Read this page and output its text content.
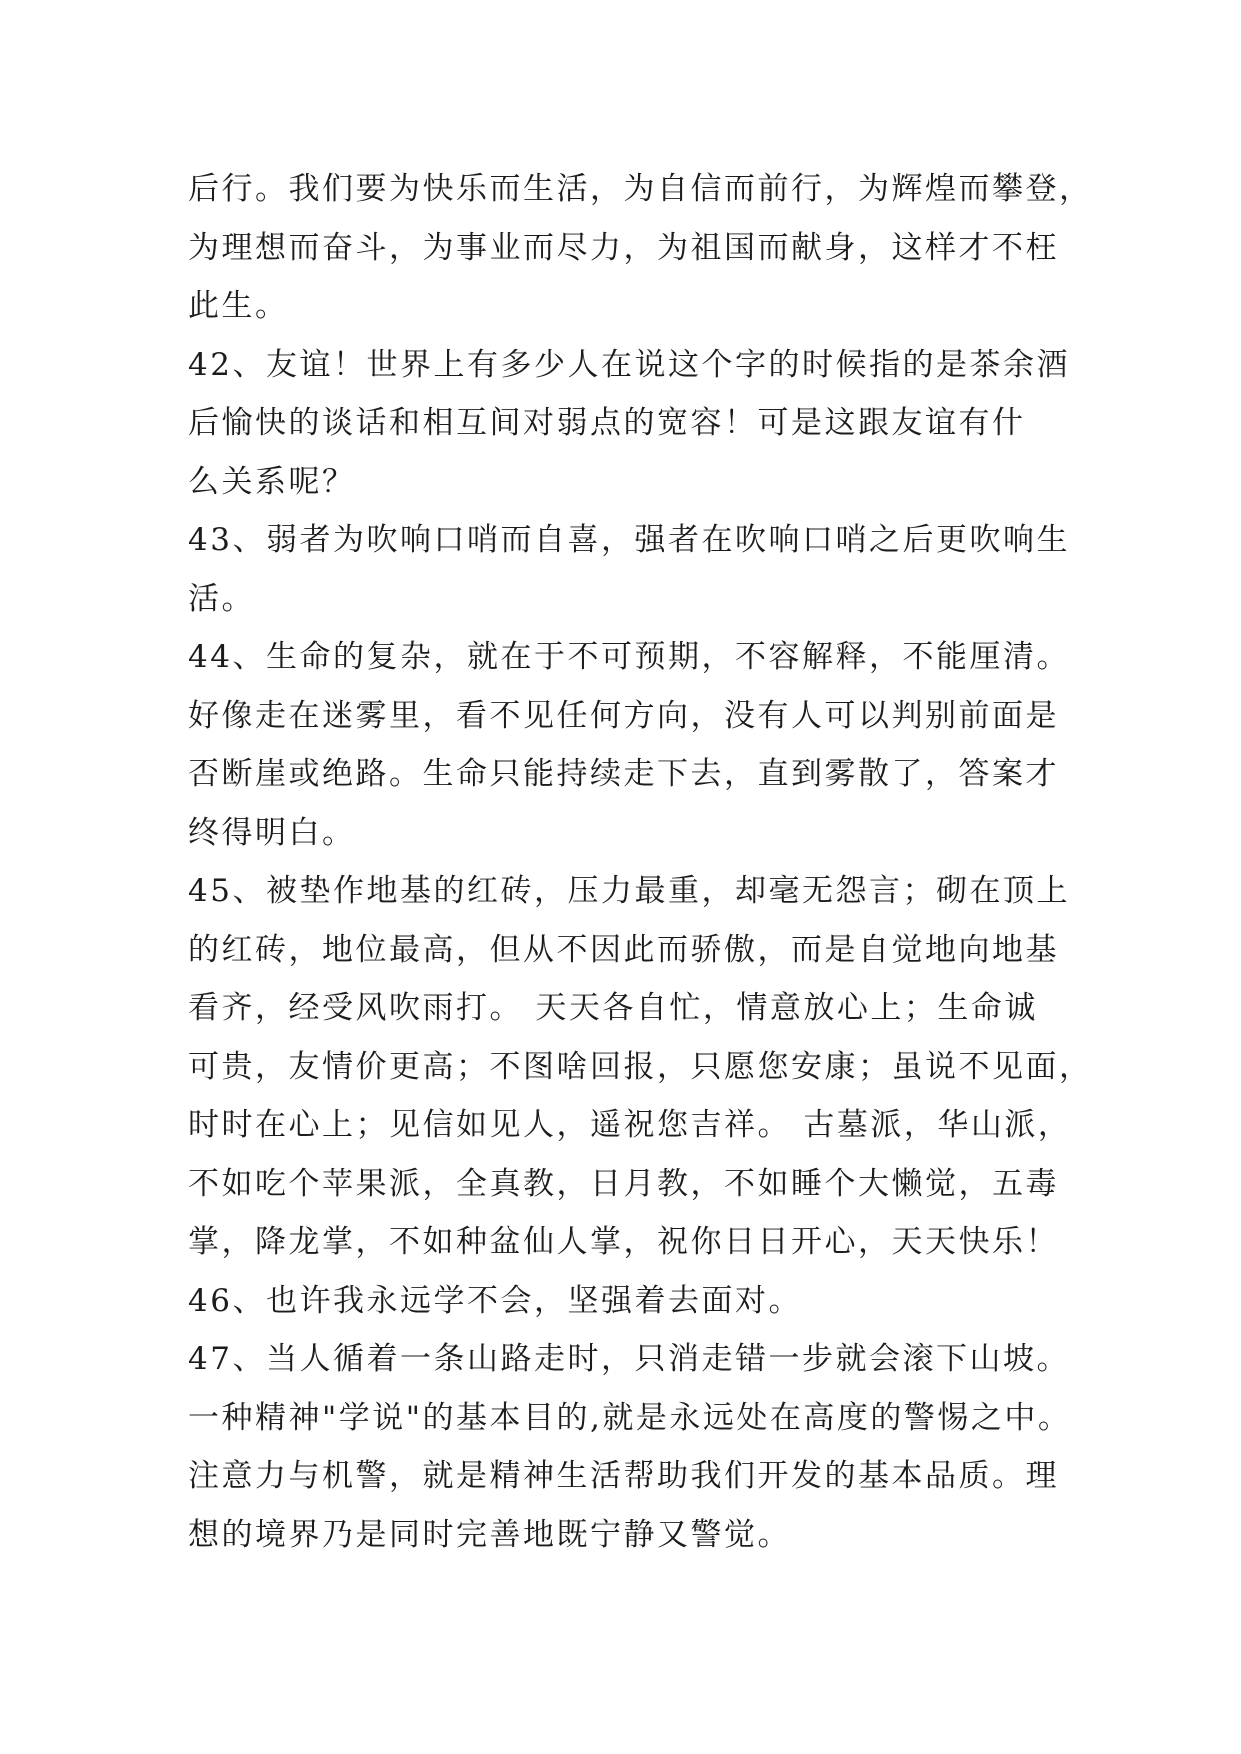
后行。我们要为快乐而生活，为自信而前行，为辉煌而攀登，
为理想而奋斗，为事业而尽力，为祖国而献身，这样才不枉
此生。
42、友谊！世界上有多少人在说这个字的时候指的是茶余酒
后愉快的谈话和相互间对弱点的宽容！可是这跟友谊有什
么关系呢？
43、弱者为吹响口哨而自喜，强者在吹响口哨之后更吹响生
活。
44、生命的复杂，就在于不可预期，不容解释，不能厘清。
好像走在迷雾里，看不见任何方向，没有人可以判别前面是
否断崖或绝路。生命只能持续走下去，直到雾散了，答案才
终得明白。
45、被垫作地基的红砖，压力最重，却毫无怨言；砌在顶上
的红砖，地位最高，但从不因此而骄傲，而是自觉地向地基
看齐，经受风吹雨打。 天天各自忙，情意放心上；生命诚
可贵，友情价更高；不图啥回报，只愿您安康；虽说不见面，
时时在心上；见信如见人，遥祝您吉祥。 古墓派，华山派，
不如吃个苹果派，全真教，日月教，不如睡个大懒觉，五毒
掌，降龙掌，不如种盆仙人掌，祝你日日开心，天天快乐！
46、也许我永远学不会，坚强着去面对。
47、当人循着一条山路走时，只消走错一步就会滚下山坡。
一种精神"学说"的基本目的,就是永远处在高度的警惕之中。
注意力与机警，就是精神生活帮助我们开发的基本品质。理
想的境界乃是同时完善地既宁静又警觉。
